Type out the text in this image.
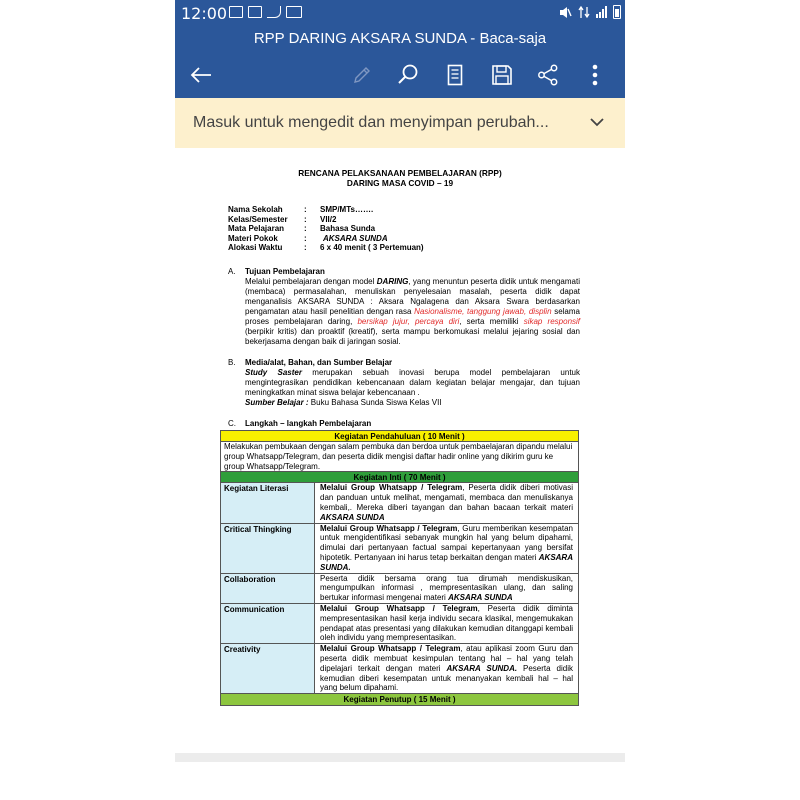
12:00
RPP DARING AKSARA SUNDA - Baca-saja
Masuk untuk mengedit dan menyimpan perubah...
RENCANA PELAKSANAAN PEMBELAJARAN (RPP)
DARING MASA COVID – 19
Nama Sekolah	:	SMP/MTs…….
Kelas/Semester	:	VII/2
Mata Pelajaran	:	Bahasa Sunda
Materi Pokok	:	AKSARA SUNDA
Alokasi Waktu	:	6 x 40 menit ( 3 Pertemuan)
A.	Tujuan Pembelajaran
Melalui pembelajaran dengan model DARING, yang menuntun peserta didik untuk mengamati (membaca) permasalahan, menuliskan penyelesaian masalah, peserta didik dapat menganalisis AKSARA SUNDA : Aksara Ngalagena dan Aksara Swara berdasarkan pengamatan atau hasil penelitian dengan rasa Nasionalisme, tanggung jawab, displin selama proses pembelajaran daring, bersikap jujur, percaya diri, serta memiliki sikap responsif (berpikir kritis) dan proaktif (kreatif), serta mampu berkomukasi melalui jejaring sosial dan bekerjasama dengan baik di jaringan sosial.
B.	Media/alat, Bahan, dan Sumber Belajar
Study Saster merupakan sebuah inovasi berupa model pembelajaran untuk mengintegrasikan pendidikan kebencanaan dalam kegiatan belajar mengajar, dan tujuan meningkatkan minat siswa belajar kebencanaan .
Sumber Belajar : Buku Bahasa Sunda Siswa Kelas VII
C.	Langkah – langkah Pembelajaran
Kegiatan Pendahuluan ( 10 Menit )
Melakukan pembukaan dengan salam pembuka dan berdoa untuk pembaelajaran dipandu melalui group Whatsapp/Telegram, dan peserta didik mengisi daftar hadir online yang dikirim guru ke group Whatsapp/Telegram.
Kegiatan Inti ( 70 Menit )
Kegiatan Literasi	Melalui Group Whatsapp / Telegram, Peserta didik diberi motivasi dan panduan untuk melihat, mengamati, membaca dan menuliskanya kembali,. Mereka diberi tayangan dan bahan bacaan terkait materi AKSARA SUNDA
Critical Thingking	Melalui Group Whatsapp / Telegram, Guru memberikan kesempatan untuk mengidentifikasi sebanyak mungkin hal yang belum dipahami, dimulai dari pertanyaan factual sampai kepertanyaan yang bersifat hipotetik. Pertanyaan ini harus tetap berkaitan dengan materi AKSARA SUNDA.
Collaboration	Peserta didik bersama orang tua dirumah mendiskusikan, mengumpulkan informasi , mempresentasikan ulang, dan saling bertukar informasi mengenai materi AKSARA SUNDA
Communication	Melalui Group Whatsapp / Telegram, Peserta didik diminta mempresentasikan hasil kerja individu secara klasikal, mengemukakan pendapat atas presentasi yang dilakukan kemudian ditanggapi kembali oleh individu yang mempresentasikan.
Creativity	Melalui Group Whatsapp / Telegram, atau aplikasi zoom Guru dan peserta didik membuat kesimpulan tentang hal – hal yang telah dipelajari terkait dengan materi AKSARA SUNDA. Peserta didik kemudian diberi kesempatan untuk menanyakan kembali hal – hal yang belum dipahami.
Kegiatan Penutup ( 15 Menit )
